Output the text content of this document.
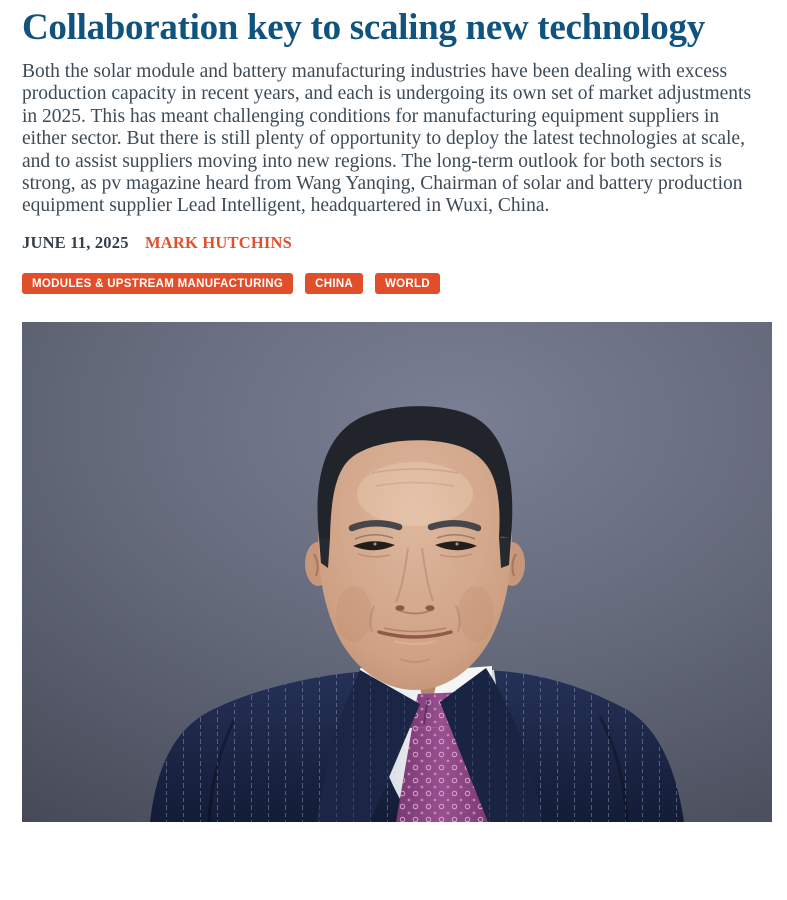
Collaboration key to scaling new technology

Both the solar module and battery manufacturing industries have been dealing with excess production capacity in recent years, and each is undergoing its own set of market adjustments in 2025. This has meant challenging conditions for manufacturing equipment suppliers in either sector. But there is still plenty of opportunity to deploy the latest technologies at scale, and to assist suppliers moving into new regions. The long-term outlook for both sectors is strong, as pv magazine heard from Wang Yanqing, Chairman of solar and battery production equipment supplier Lead Intelligent, headquartered in Wuxi, China.

JUNE 11, 2025 MARK HUTCHINS
MODULES & UPSTREAM MANUFACTURING	CHINA	WORLD
